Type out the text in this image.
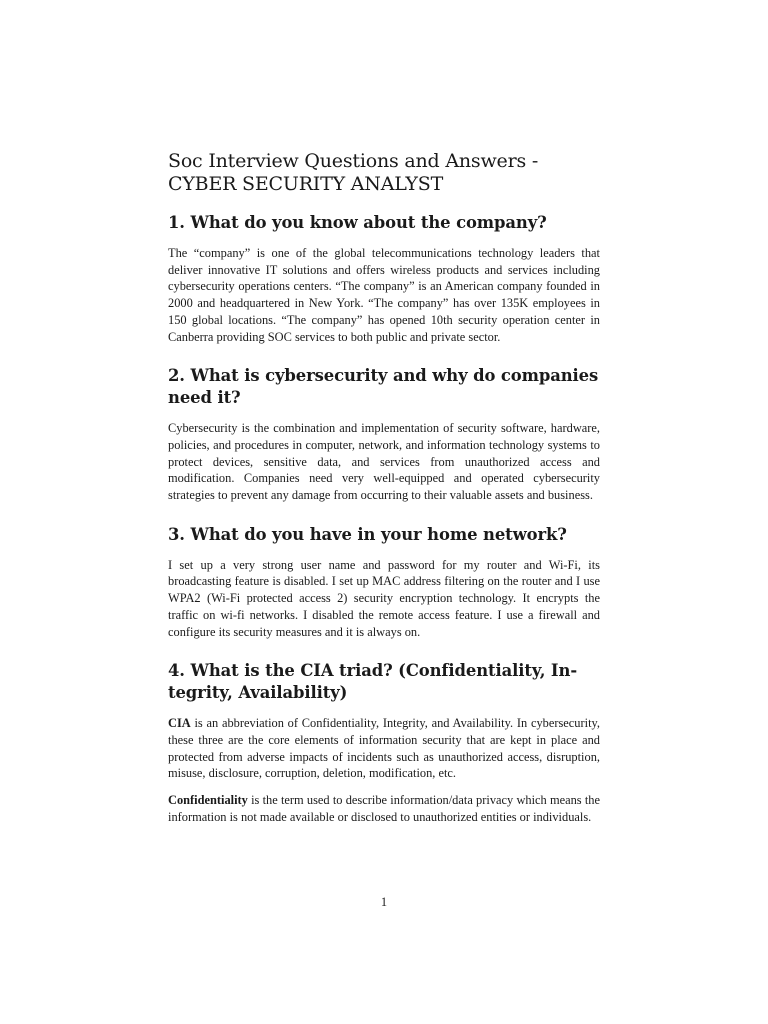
Soc Interview Questions and Answers - CYBER SECURITY ANALYST
1. What do you know about the company?

The “company” is one of the global telecommunications technology leaders that deliver innovative IT solutions and offers wireless products and services including cybersecurity operations centers. “The company” is an American company founded in 2000 and headquartered in New York. “The company” has over 135K employees in 150 global locations. “The company” has opened 10th security operation center in Canberra providing SOC services to both public and private sector.

2. What is cybersecurity and why do companies need it?

Cybersecurity is the combination and implementation of security software, hardware, policies, and procedures in computer, network, and information technology systems to protect devices, sensitive data, and services from unauthorized access and modification. Companies need very well-equipped and operated cybersecurity strategies to prevent any damage from occurring to their valuable assets and business.

3. What do you have in your home network?

I set up a very strong user name and password for my router and Wi-Fi, its broadcasting feature is disabled. I set up MAC address filtering on the router and I use WPA2 (Wi-Fi protected access 2) security encryption technology. It encrypts the traffic on wi-fi networks. I disabled the remote access feature. I use a firewall and configure its security measures and it is always on.

4. What is the CIA triad? (Confidentiality, Integrity, Availability)

CIA is an abbreviation of Confidentiality, Integrity, and Availability. In cybersecurity, these three are the core elements of information security that are kept in place and protected from adverse impacts of incidents such as unauthorized access, disruption, misuse, disclosure, corruption, deletion, modification, etc.

Confidentiality is the term used to describe information/data privacy which means the information is not made available or disclosed to unauthorized entities or individuals.

1
